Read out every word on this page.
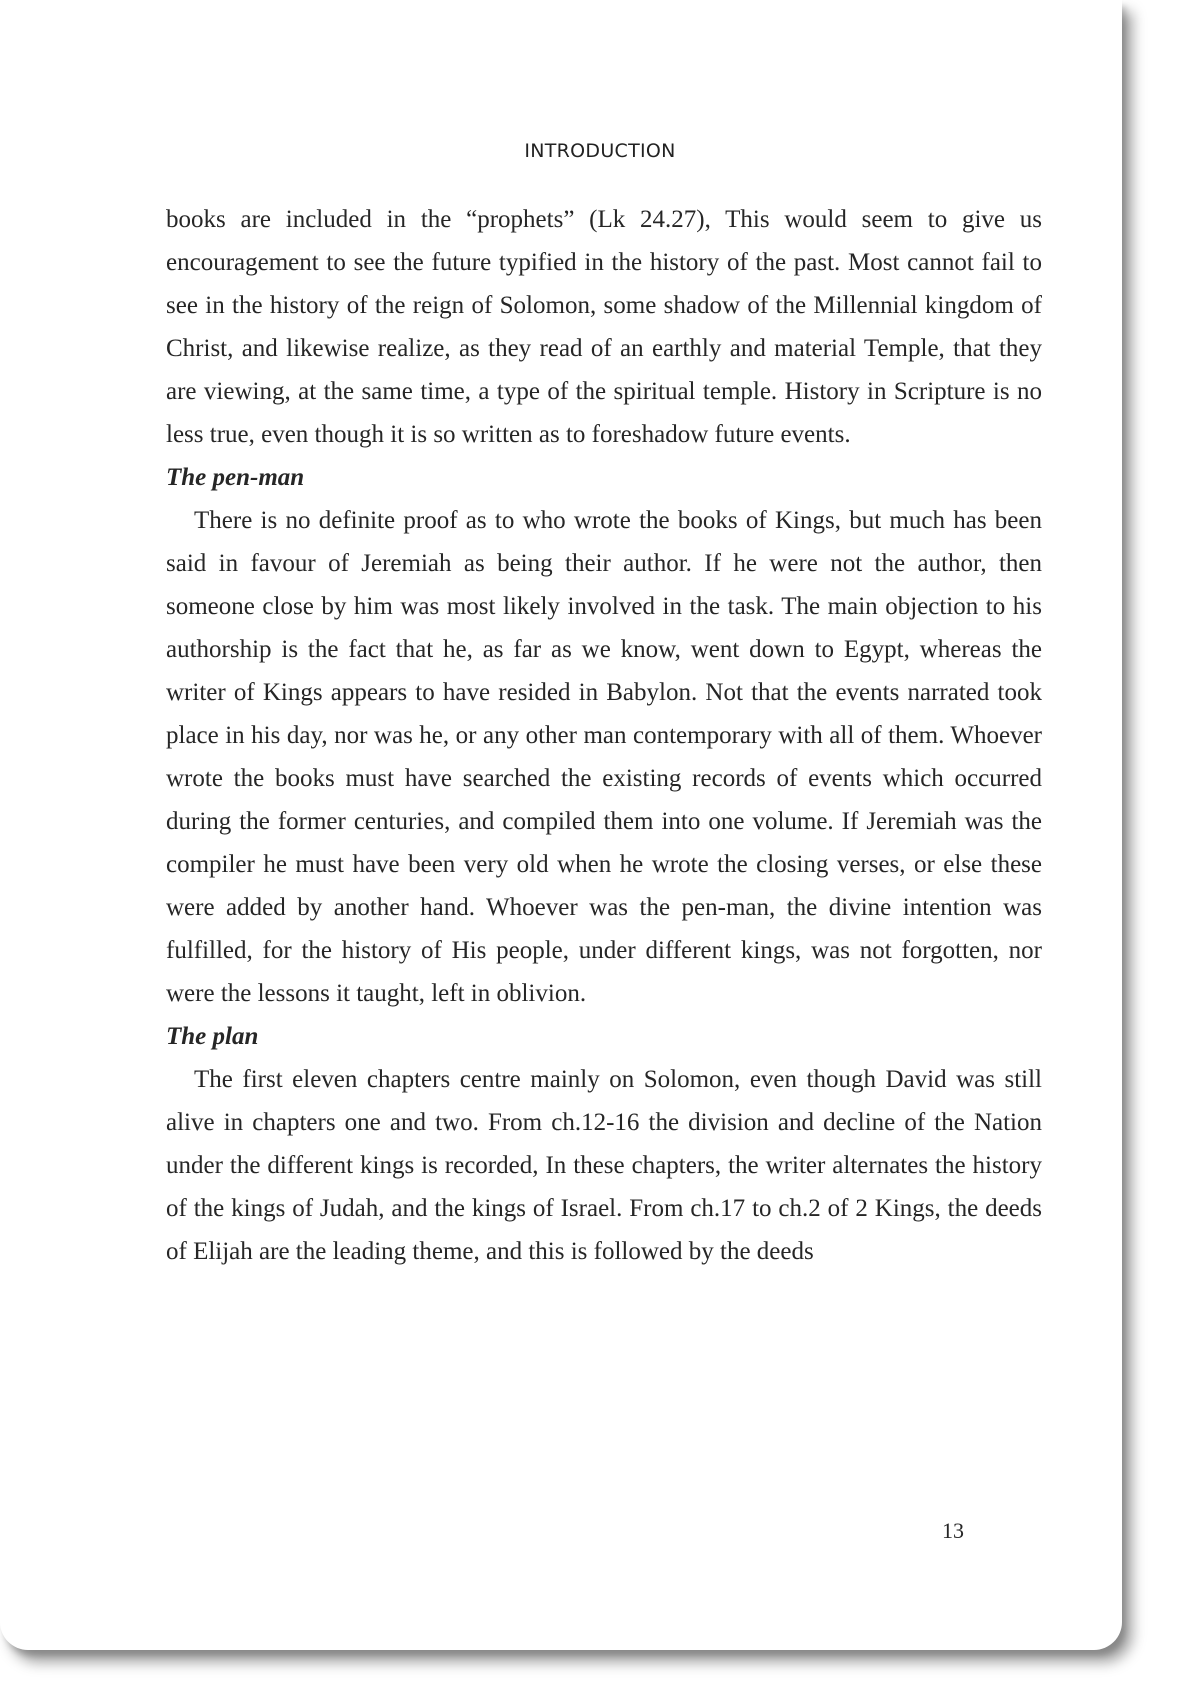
INTRODUCTION

books are included in the “prophets” (Lk 24.27), This would seem to give us encouragement to see the future typified in the history of the past. Most cannot fail to see in the history of the reign of Solomon, some shadow of the Millennial kingdom of Christ, and likewise realize, as they read of an earthly and material Temple, that they are viewing, at the same time, a type of the spiritual temple. History in Scripture is no less true, even though it is so written as to foreshadow future events.

The pen-man

There is no definite proof as to who wrote the books of Kings, but much has been said in favour of Jeremiah as being their author. If he were not the author, then someone close by him was most likely involved in the task. The main objection to his authorship is the fact that he, as far as we know, went down to Egypt, whereas the writer of Kings appears to have resided in Babylon. Not that the events narrated took place in his day, nor was he, or any other man contemporary with all of them. Whoever wrote the books must have searched the existing records of events which occurred during the former centuries, and compiled them into one volume. If Jeremiah was the compiler he must have been very old when he wrote the closing verses, or else these were added by another hand. Whoever was the pen-man, the divine intention was fulfilled, for the history of His people, under different kings, was not forgotten, nor were the lessons it taught, left in oblivion.

The plan

The first eleven chapters centre mainly on Solomon, even though David was still alive in chapters one and two. From ch.12-16 the division and decline of the Nation under the different kings is recorded, In these chapters, the writer alternates the history of the kings of Judah, and the kings of Israel. From ch.17 to ch.2 of 2 Kings, the deeds of Elijah are the leading theme, and this is followed by the deeds

13
